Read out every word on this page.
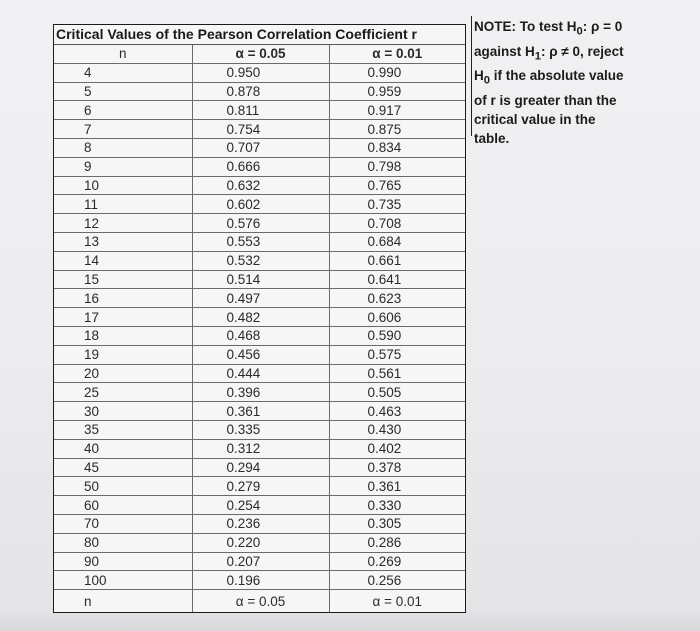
Critical Values of the Pearson Correlation Coefficient r
n	α = 0.05	α = 0.01
4	0.950	0.990
5	0.878	0.959
6	0.811	0.917
7	0.754	0.875
8	0.707	0.834
9	0.666	0.798
10	0.632	0.765
11	0.602	0.735
12	0.576	0.708
13	0.553	0.684
14	0.532	0.661
15	0.514	0.641
16	0.497	0.623
17	0.482	0.606
18	0.468	0.590
19	0.456	0.575
20	0.444	0.561
25	0.396	0.505
30	0.361	0.463
35	0.335	0.430
40	0.312	0.402
45	0.294	0.378
50	0.279	0.361
60	0.254	0.330
70	0.236	0.305
80	0.220	0.286
90	0.207	0.269
100	0.196	0.256
n	α = 0.05	α = 0.01
NOTE: To test $H_0$: ρ = 0
against $H_1$: ρ ≠ 0, reject
$H_0$ if the absolute value
of r is greater than the
critical value in the
table.
